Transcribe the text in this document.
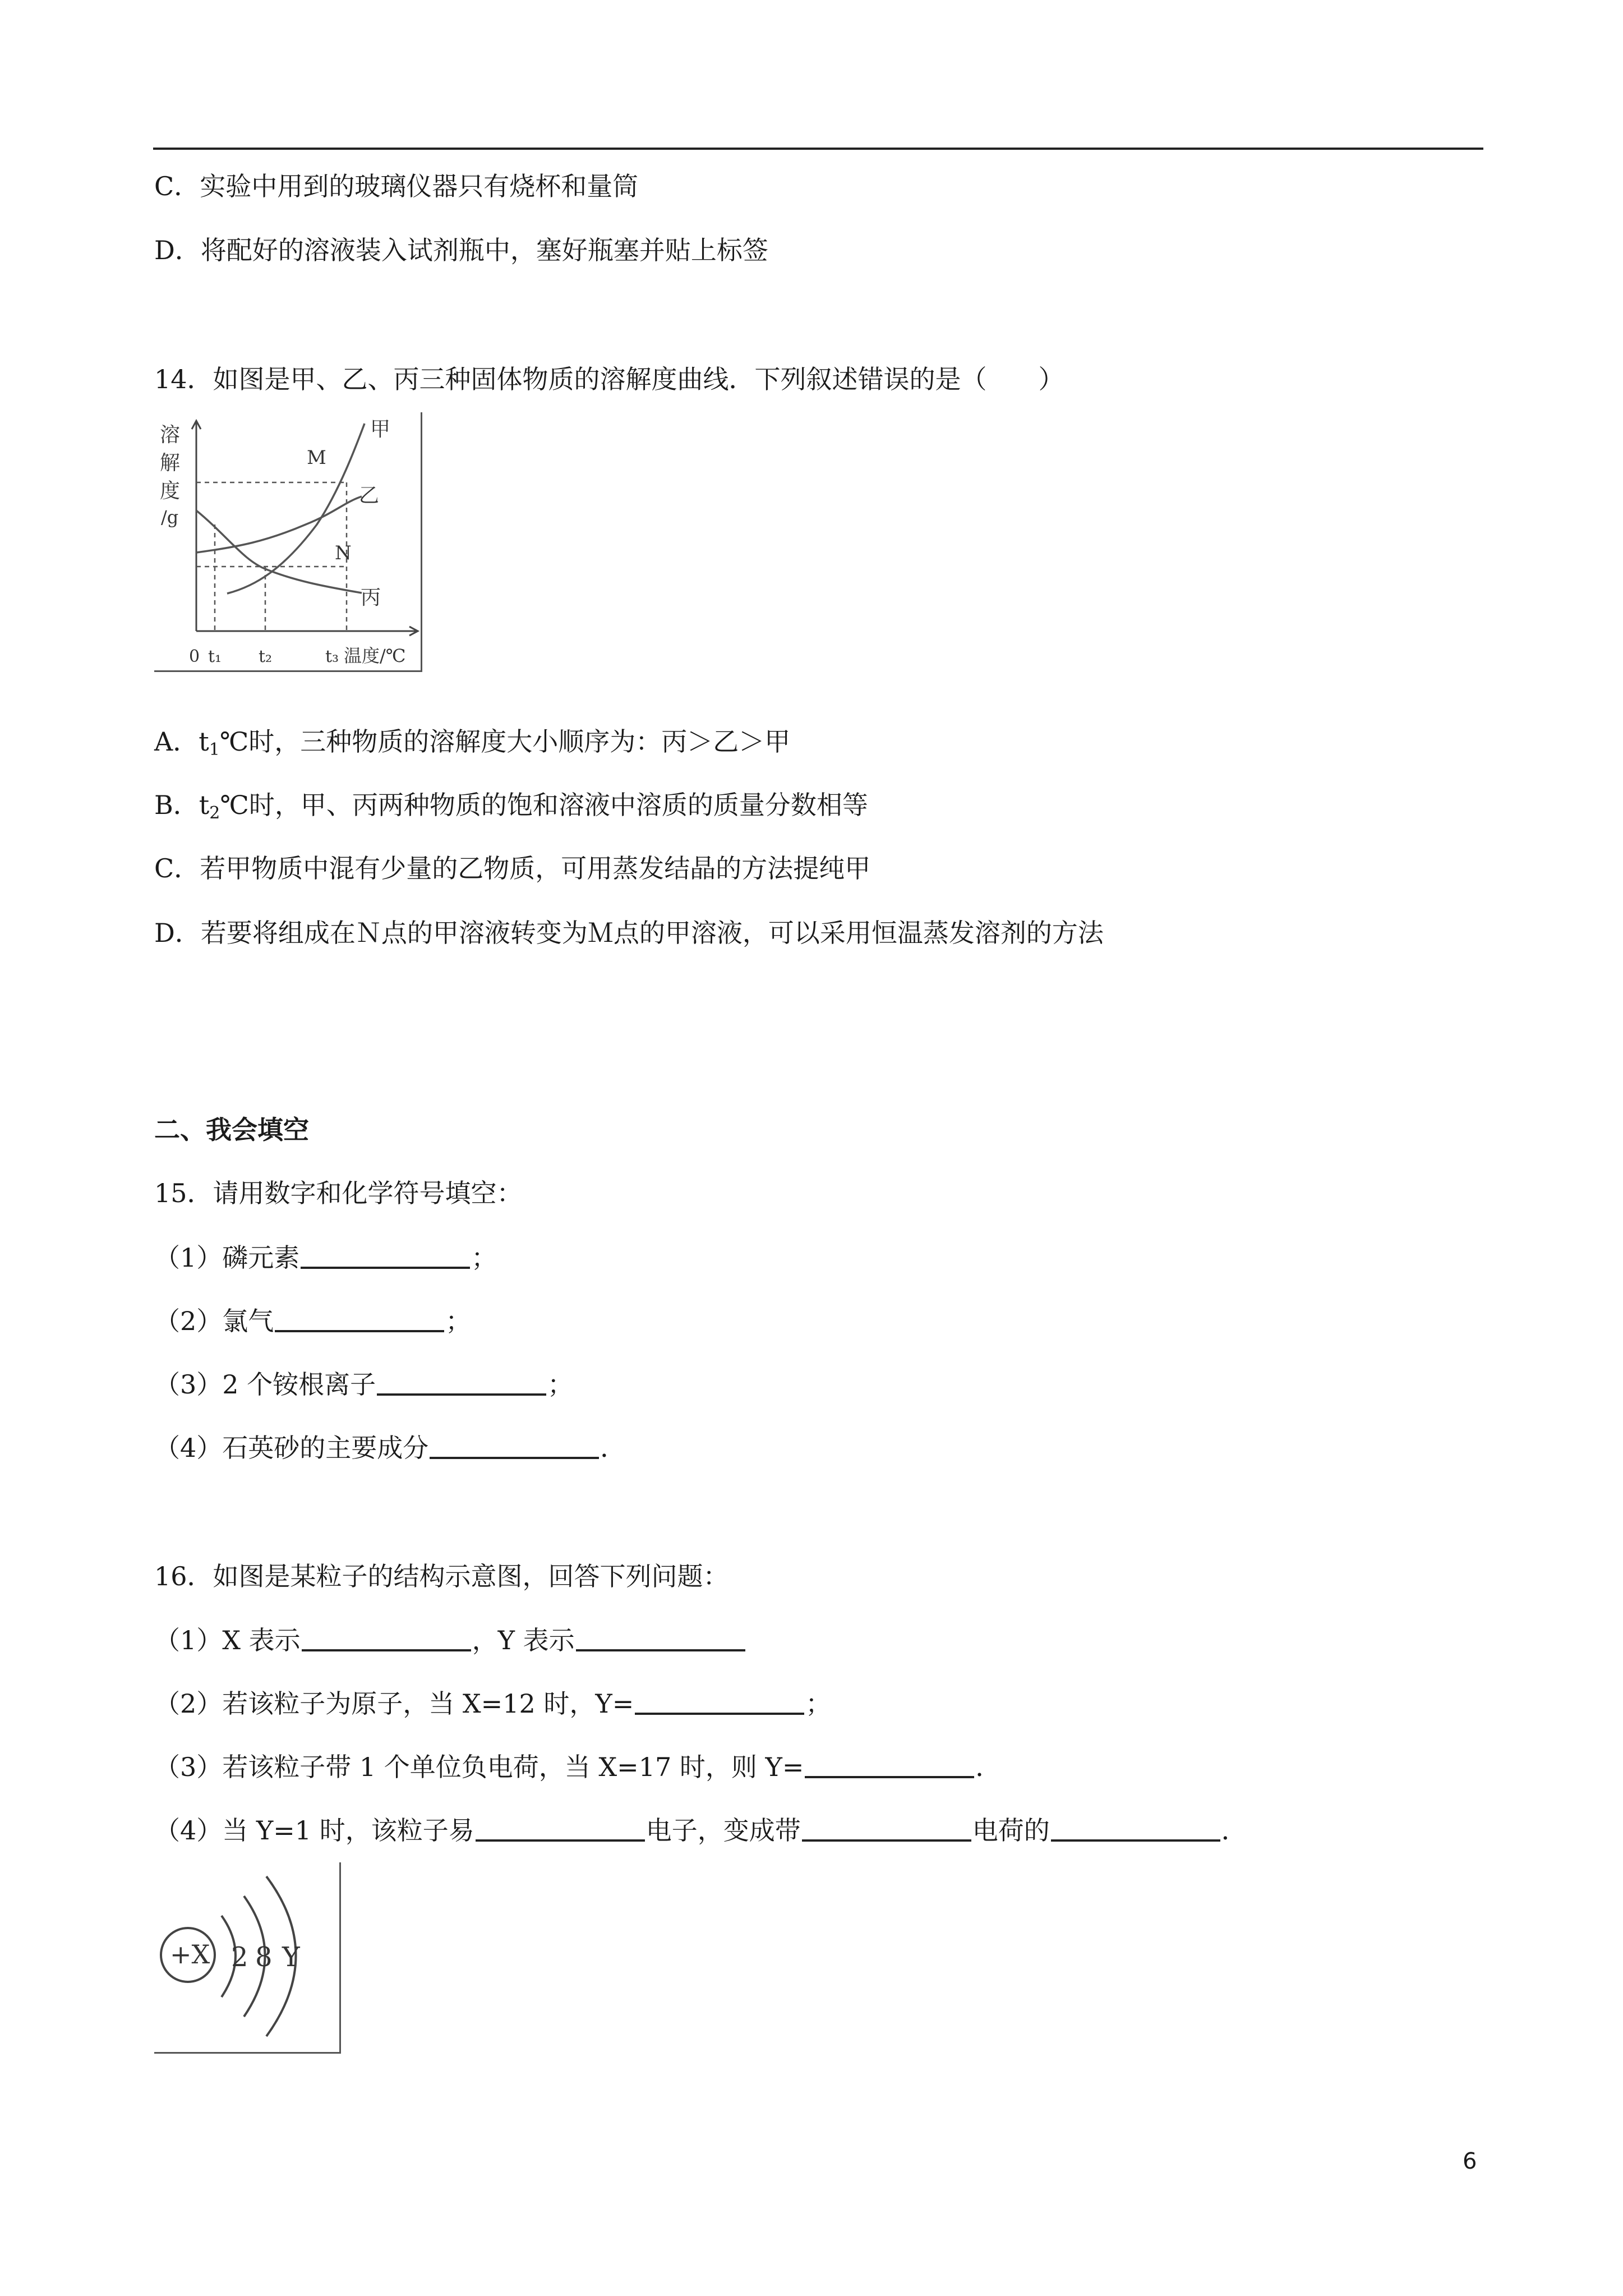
C．实验中用到的玻璃仪器只有烧杯和量筒
D．将配好的溶液装入试剂瓶中，塞好瓶塞并贴上标签
14．如图是甲、乙、丙三种固体物质的溶解度曲线．下列叙述错误的是（　　）
溶
解
度
/g
甲
乙
丙
M
N
0 t₁ t₂	t₃ 温度/℃
A．$t_1℃$时，三种物质的溶解度大小顺序为：丙＞乙＞甲
B．$t_2℃$时，甲、丙两种物质的饱和溶液中溶质的质量分数相等
C．若甲物质中混有少量的乙物质，可用蒸发结晶的方法提纯甲
D．若要将组成在Ｎ点的甲溶液转变为Ｍ点的甲溶液，可以采用恒温蒸发溶剂的方法
二、我会填空
15．请用数字和化学符号填空：
（1）磷元素	；
（2）氯气	；
（3）2 个铵根离子	；
（4）石英砂的主要成分	．
16．如图是某粒子的结构示意图，回答下列问题：
（1）X 表示	，Y 表示
（2）若该粒子为原子，当 X=12 时，Y=	；
（3）若该粒子带 1 个单位负电荷，当 X=17 时，则 Y=	．
（4）当 Y=1 时，该粒子易	电子，变成带	电荷的	．
+X 2 8 Y
6
